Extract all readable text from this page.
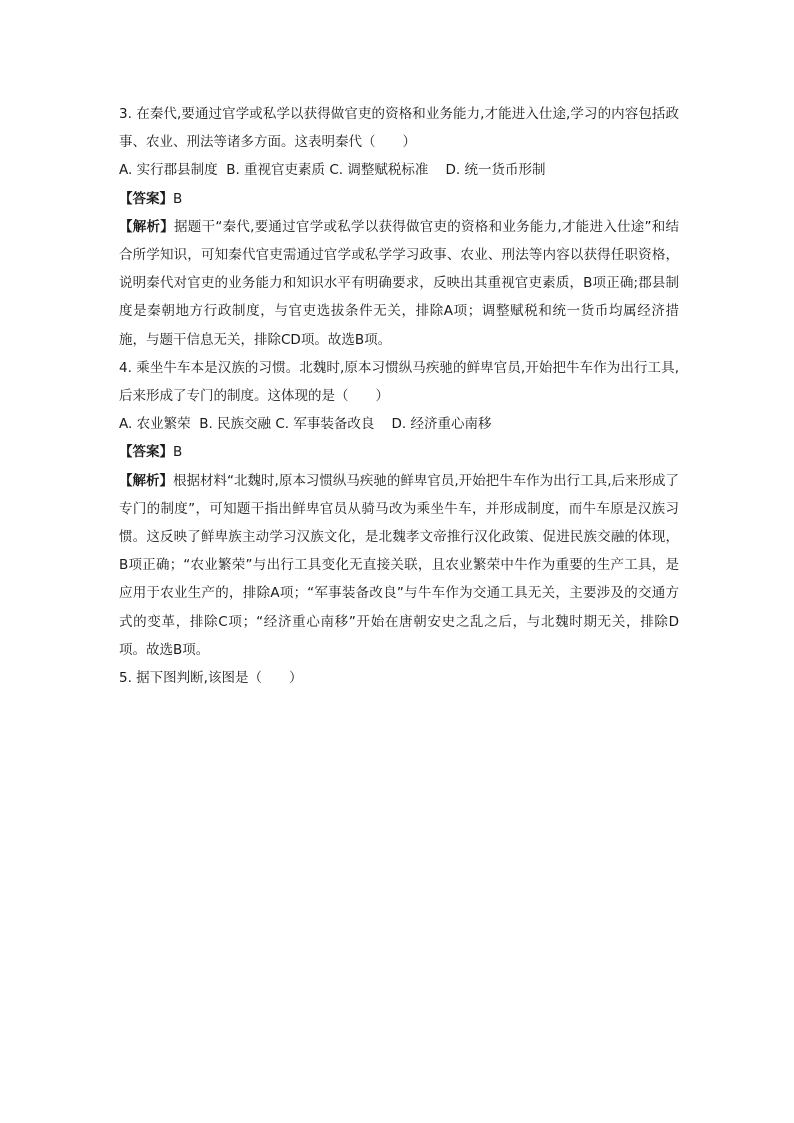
3. 在秦代,要通过官学或私学以获得做官吏的资格和业务能力,才能进入仕途,学习的内容包括政事、农业、刑法等诸多方面。这表明秦代（　　）

A. 实行郡县制度 B. 重视官吏素质 C. 调整赋税标准 D. 统一货币形制

【答案】B

【解析】据题干“秦代,要通过官学或私学以获得做官吏的资格和业务能力,才能进入仕途”和结合所学知识，可知秦代官吏需通过官学或私学学习政事、农业、刑法等内容以获得任职资格，说明秦代对官吏的业务能力和知识水平有明确要求，反映出其重视官吏素质，B项正确;郡县制度是秦朝地方行政制度，与官吏选拔条件无关，排除A项；调整赋税和统一货币均属经济措施，与题干信息无关，排除CD项。故选B项。

4. 乘坐牛车本是汉族的习惯。北魏时,原本习惯纵马疾驰的鲜卑官员,开始把牛车作为出行工具,后来形成了专门的制度。这体现的是（　　）

A. 农业繁荣 B. 民族交融 C. 军事装备改良 D. 经济重心南移

【答案】B

【解析】根据材料“北魏时,原本习惯纵马疾驰的鲜卑官员,开始把牛车作为出行工具,后来形成了专门的制度”，可知题干指出鲜卑官员从骑马改为乘坐牛车，并形成制度，而牛车原是汉族习惯。这反映了鲜卑族主动学习汉族文化，是北魏孝文帝推行汉化政策、促进民族交融的体现，B项正确；“农业繁荣”与出行工具变化无直接关联，且农业繁荣中牛作为重要的生产工具，是应用于农业生产的，排除A项；“军事装备改良”与牛车作为交通工具无关，主要涉及的交通方式的变革，排除C项；“经济重心南移”开始在唐朝安史之乱之后，与北魏时期无关，排除D项。故选B项。

5. 据下图判断,该图是（　　）
